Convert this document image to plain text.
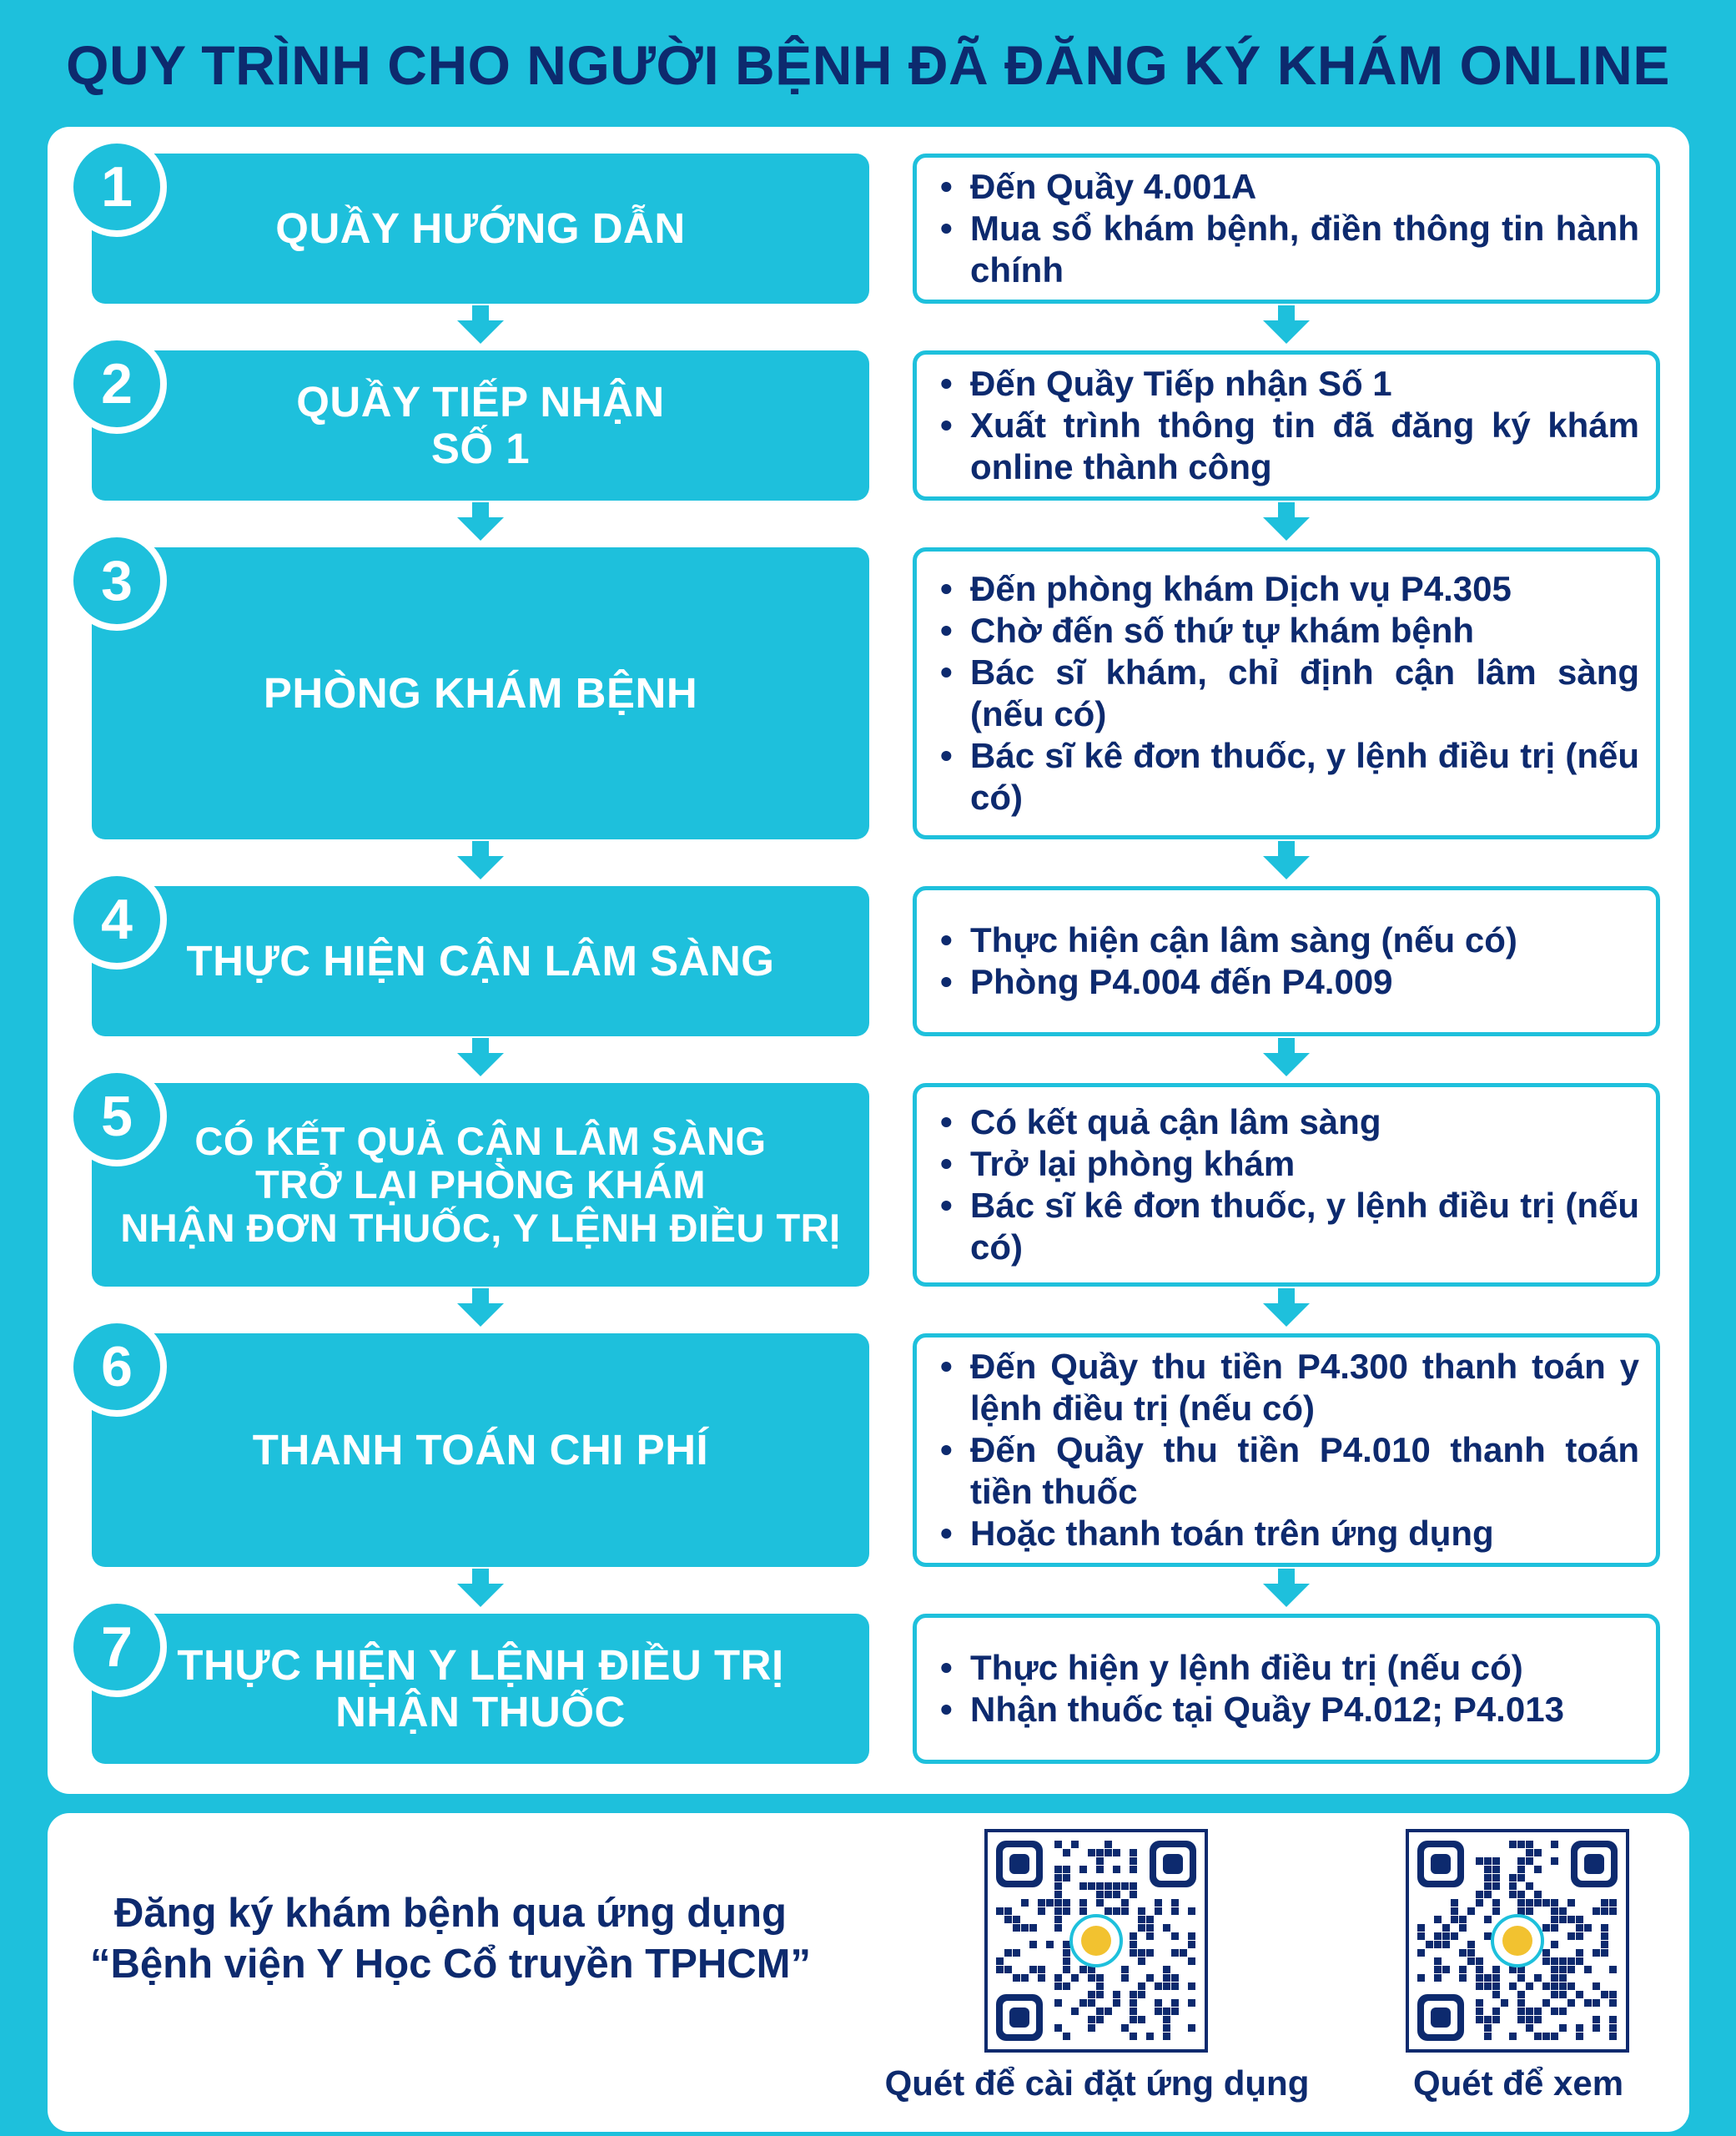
QUY TRÌNH CHO NGƯỜI BỆNH ĐÃ ĐĂNG KÝ KHÁM ONLINE
QUẦY HƯỚNG DẪN
1	• Đến Quầy 4.001A
• Mua sổ khám bệnh, điền thông tin hành chính
QUẦY TIẾP NHẬN
SỐ 1
2	• Đến Quầy Tiếp nhận Số 1
• Xuất trình thông tin đã đăng ký khám online thành công
PHÒNG KHÁM BỆNH
3	• Đến phòng khám Dịch vụ P4.305
• Chờ đến số thứ tự khám bệnh
• Bác sĩ khám, chỉ định cận lâm sàng (nếu có)
• Bác sĩ kê đơn thuốc, y lệnh điều trị (nếu có)
THỰC HIỆN CẬN LÂM SÀNG
4	• Thực hiện cận lâm sàng (nếu có)
• Phòng P4.004 đến P4.009
CÓ KẾT QUẢ CẬN LÂM SÀNG
TRỞ LẠI PHÒNG KHÁM
NHẬN ĐƠN THUỐC, Y LỆNH ĐIỀU TRỊ
5	• Có kết quả cận lâm sàng
• Trở lại phòng khám
• Bác sĩ kê đơn thuốc, y lệnh điều trị (nếu có)
THANH TOÁN CHI PHÍ
6	• Đến Quầy thu tiền P4.300 thanh toán y lệnh điều trị (nếu có)
• Đến Quầy thu tiền P4.010 thanh toán tiền thuốc
• Hoặc thanh toán trên ứng dụng
THỰC HIỆN Y LỆNH ĐIỀU TRỊ
NHẬN THUỐC
7	• Thực hiện y lệnh điều trị (nếu có)
• Nhận thuốc tại Quầy P4.012; P4.013
Đăng ký khám bệnh qua ứng dụng
“Bệnh viện Y Học Cổ truyền TPHCM”
Quét để cài đặt ứng dụng	Quét để xem
